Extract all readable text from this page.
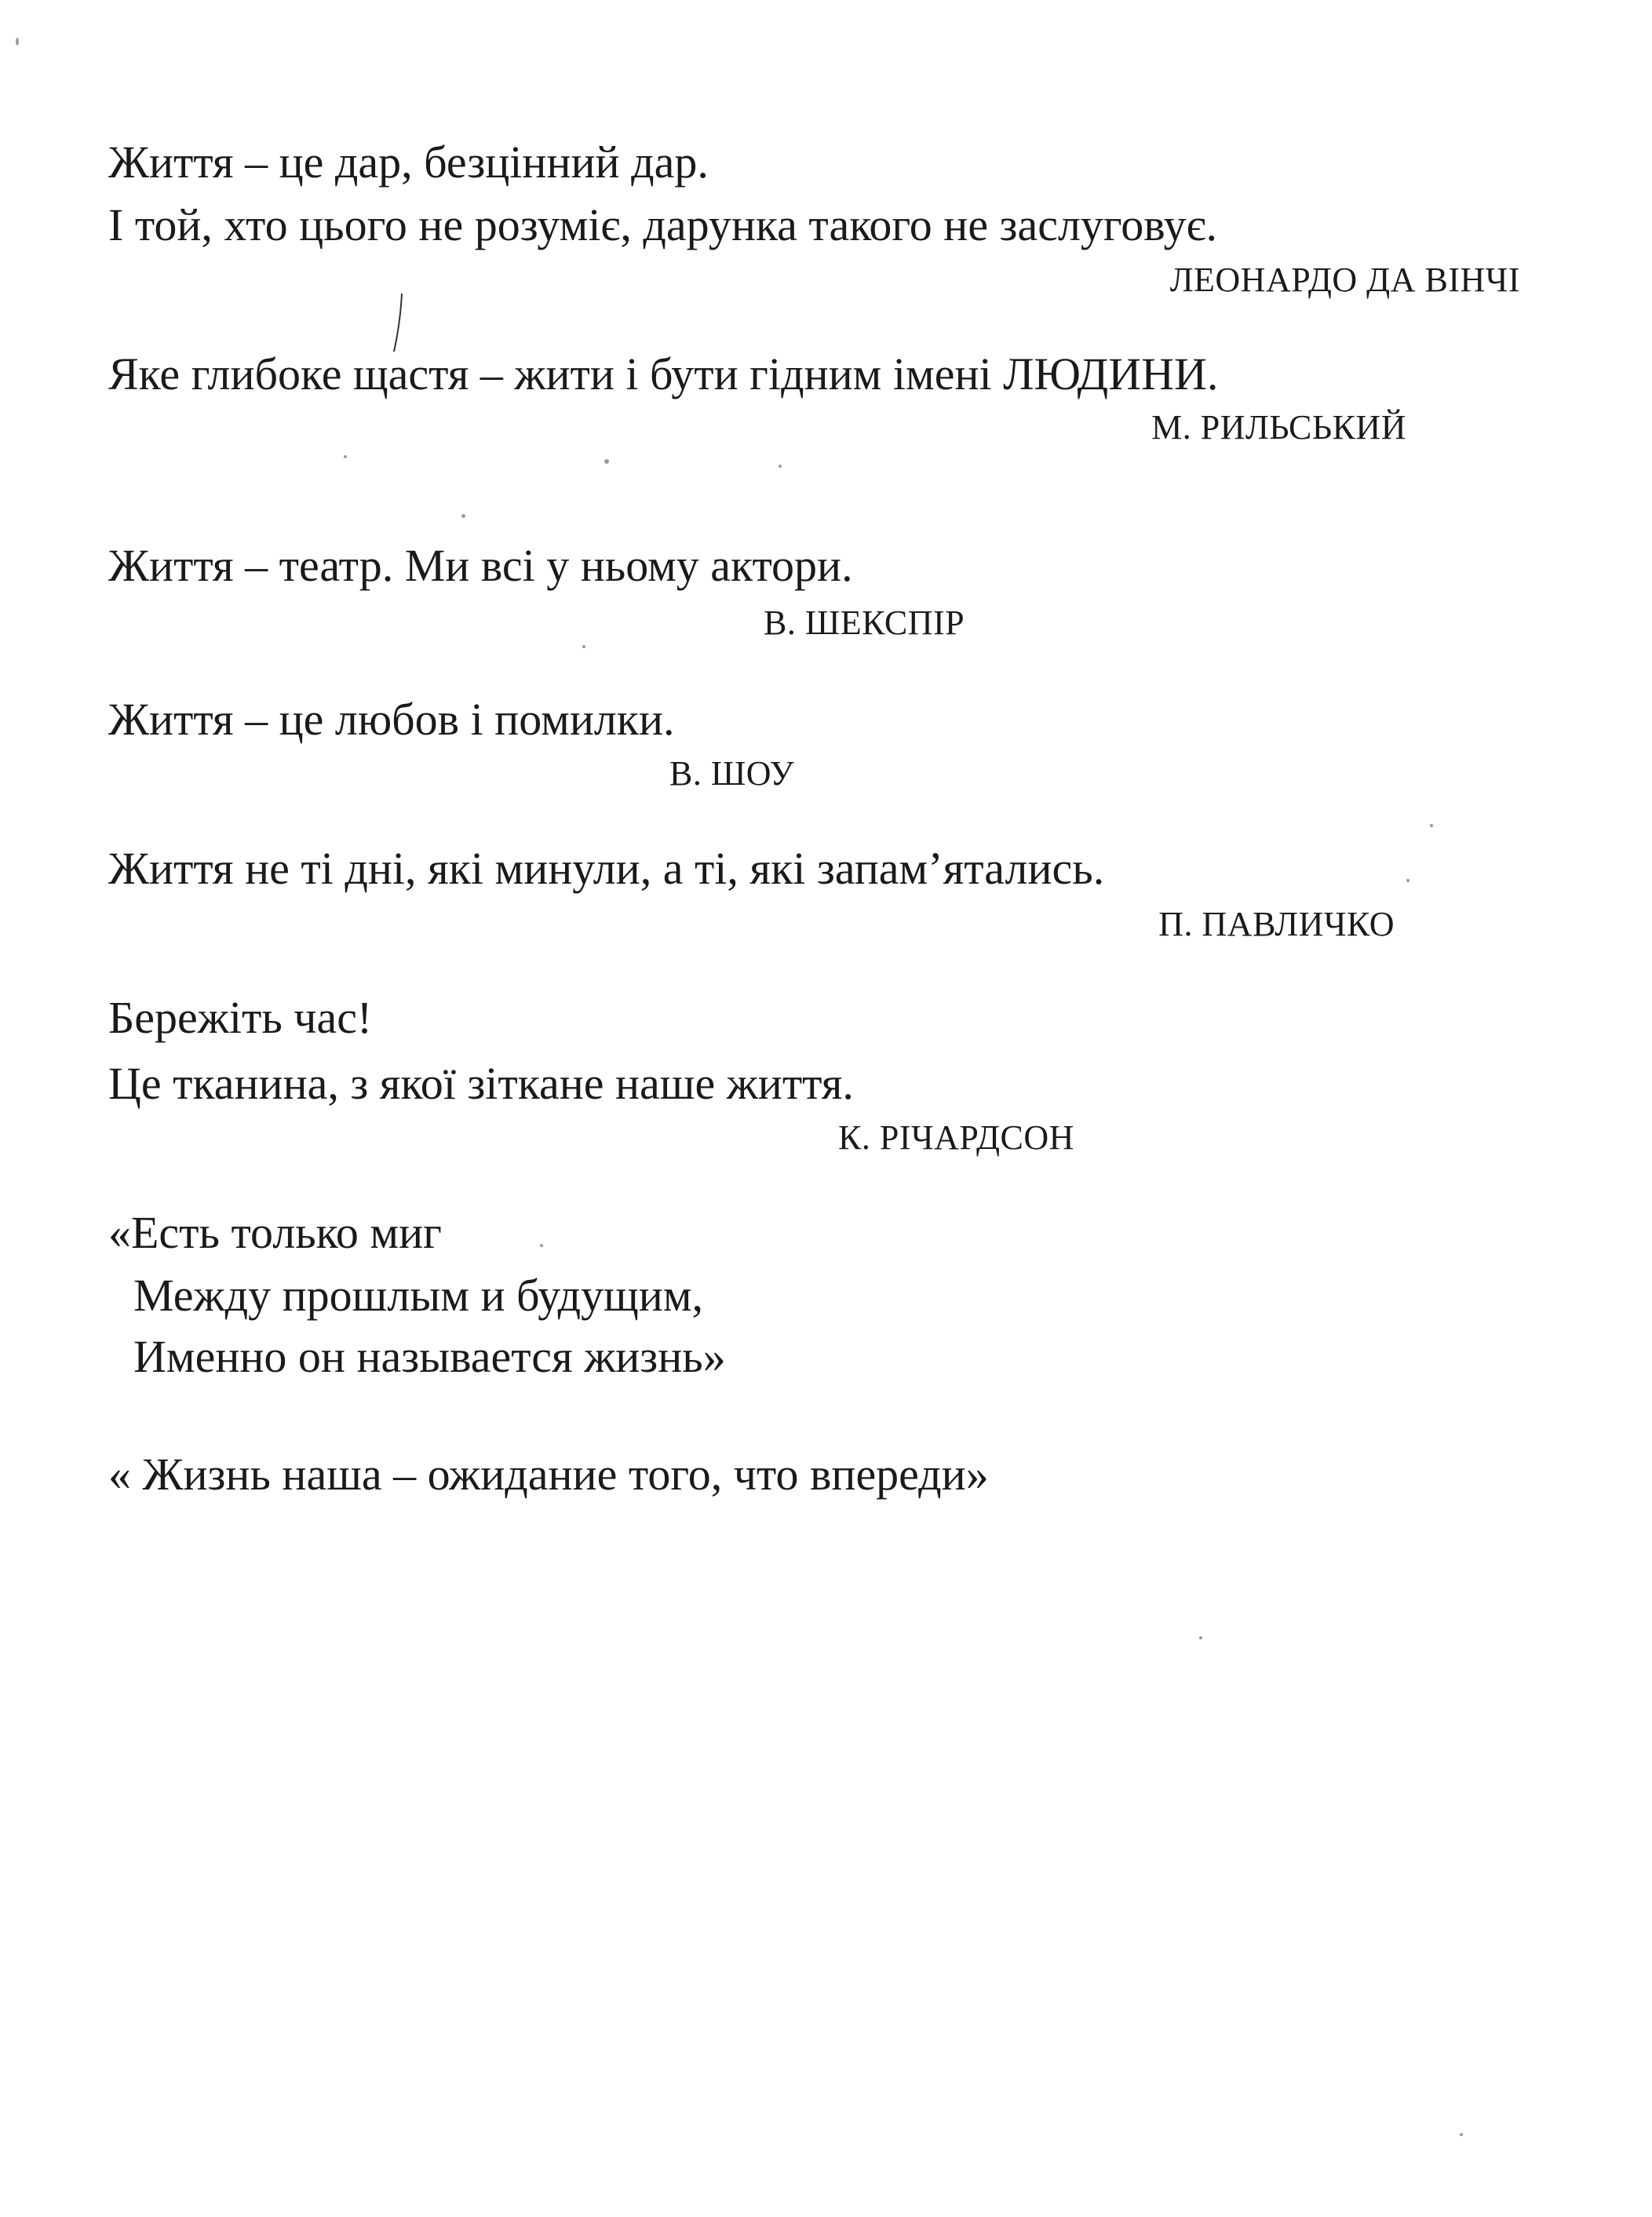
Життя – це дар, безцінний дар.
І той, хто цього не розуміє, дарунка такого не заслуговує.
ЛЕОНАРДО ДА ВІНЧІ
Яке глибоке щастя – жити і бути гідним імені ЛЮДИНИ.
М. РИЛЬСЬКИЙ
Життя – театр. Ми всі у ньому актори.
В. ШЕКСПІР
Життя – це любов і помилки.
В. ШОУ
Життя не ті дні, які минули, а ті, які запам’ятались.
П. ПАВЛИЧКО
Бережіть час!
Це тканина, з якої зіткане наше життя.
К. РІЧАРДСОН
«Есть только миг
Между прошлым и будущим,
Именно он называется жизнь»
« Жизнь наша – ожидание того, что впереди»
